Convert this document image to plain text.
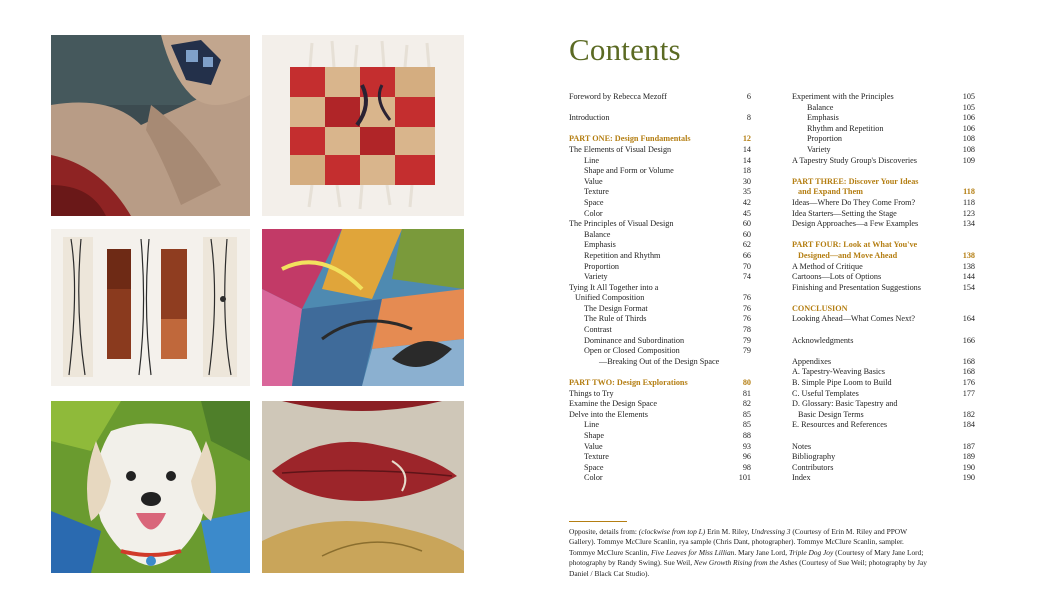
Contents
Foreword by Rebecca Mezoff	6
Introduction	8
PART ONE: Design Fundamentals	12
The Elements of Visual Design	14
Line	14
Shape and Form or Volume	18
Value	30
Texture	35
Space	42
Color	45
The Principles of Visual Design	60
Balance	60
Emphasis	62
Repetition and Rhythm	66
Proportion	70
Variety	74
Tying It All Together into a
Unified Composition	76
The Design Format	76
The Rule of Thirds	76
Contrast	78
Dominance and Subordination	79
Open or Closed Composition	79
—Breaking Out of the Design Space
PART TWO: Design Explorations	80
Things to Try	81
Examine the Design Space	82
Delve into the Elements	85
Line	85
Shape	88
Value	93
Texture	96
Space	98
Color	101
Experiment with the Principles	105
Balance	105
Emphasis	106
Rhythm and Repetition	106
Proportion	108
Variety	108
A Tapestry Study Group's Discoveries	109
PART THREE: Discover Your Ideas
and Expand Them	118
Ideas—Where Do They Come From?	118
Idea Starters—Setting the Stage	123
Design Approaches—a Few Examples	134
PART FOUR: Look at What You've
Designed—and Move Ahead	138
A Method of Critique	138
Cartoons—Lots of Options	144
Finishing and Presentation Suggestions	154
CONCLUSION
Looking Ahead—What Comes Next?	164
Acknowledgments	166
Appendixes	168
A. Tapestry-Weaving Basics	168
B. Simple Pipe Loom to Build	176
C. Useful Templates	177
D. Glossary: Basic Tapestry and
Basic Design Terms	182
E. Resources and References	184
Notes	187
Bibliography	189
Contributors	190
Index	190
Opposite, details from: (clockwise from top L) Erin M. Riley, Undressing 3 (Courtesy of Erin M. Riley and PPOW Gallery). Tommye McClure Scanlin, rya sample (Chris Dant, photographer). Tommye McClure Scanlin, sampler. Tommye McClure Scanlin, Five Leaves for Miss Lillian. Mary Jane Lord, Triple Dog Joy (Courtesy of Mary Jane Lord; photography by Randy Swing). Sue Weil, New Growth Rising from the Ashes (Courtesy of Sue Weil; photography by Jay Daniel / Black Cat Studio).
